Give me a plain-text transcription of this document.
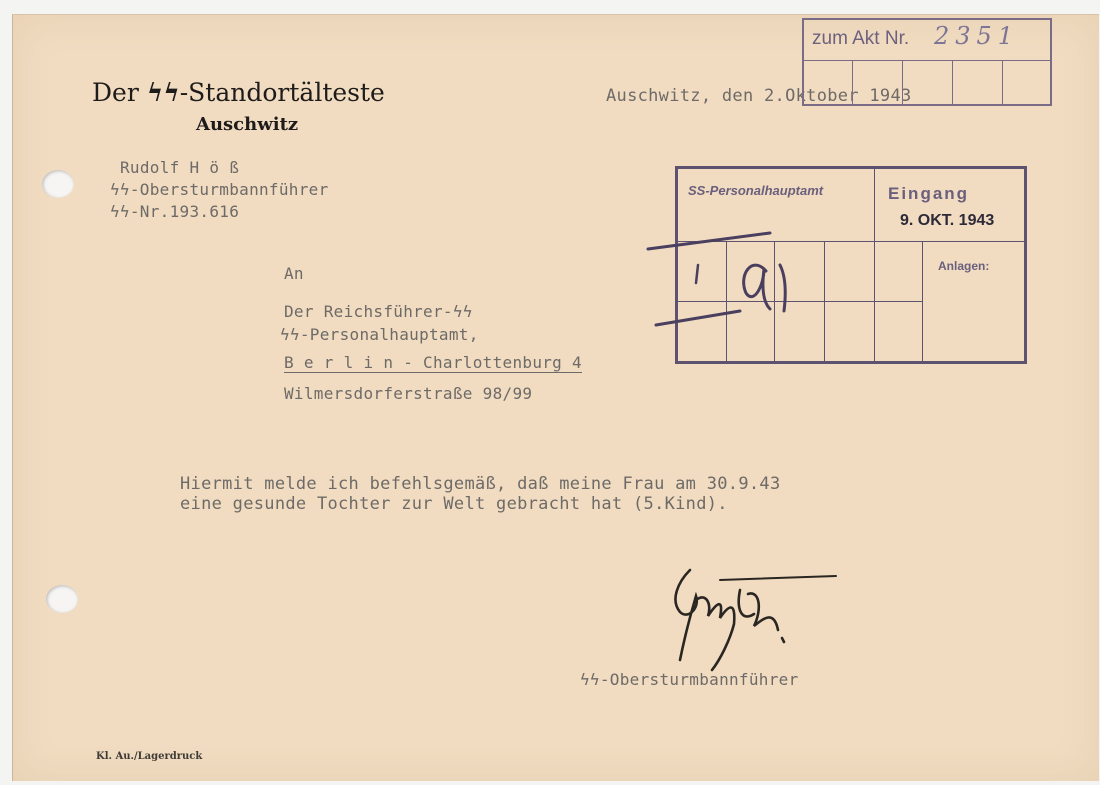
Der ϟϟ-Standortälteste
Auschwitz
Auschwitz, den 2.Oktober 1943
Rudolf H ö ß
ϟϟ-Obersturmbannführer
ϟϟ-Nr.193.616
An
Der Reichsführer-ϟϟ
ϟϟ-Personalhauptamt,
B e r l i n - Charlottenburg 4
Wilmersdorferstraße 98/99
Hiermit melde ich befehlsgemäß, daß meine Frau am 30.9.43
eine gesunde Tochter zur Welt gebracht hat (5.Kind).
ϟϟ-Obersturmbannführer
Kl. Au./Lagerdruck
zum Akt Nr. 2351
SS-Personalhauptamt	Eingang
9. OKT. 1943
Anlagen:
a1
